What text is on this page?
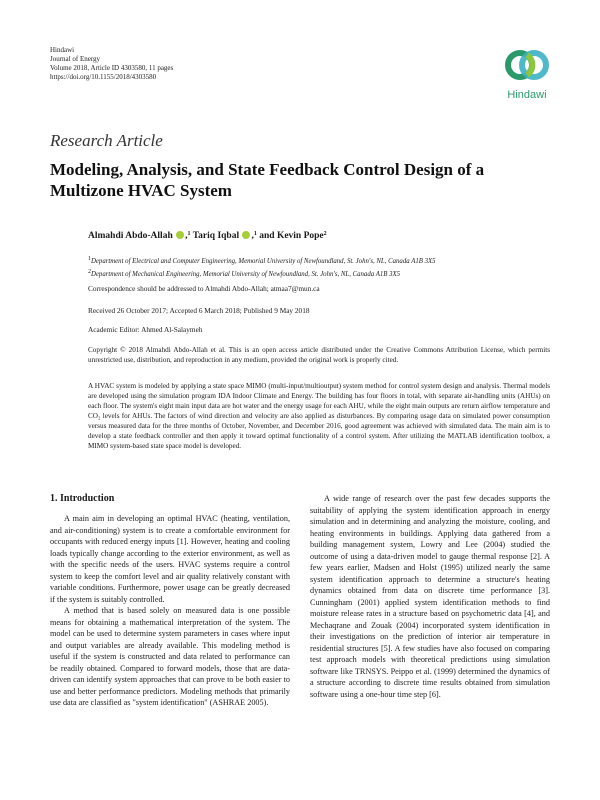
Hindawi
Journal of Energy
Volume 2018, Article ID 4303580, 11 pages
https://doi.org/10.1155/2018/4303580
Hindawi
Research Article
Modeling, Analysis, and State Feedback Control Design of a Multizone HVAC System
Almahdi Abdo-Allah ,$^1$ Tariq Iqbal ,$^1$ and Kevin Pope$^2$
1Department of Electrical and Computer Engineering, Memorial University of Newfoundland, St. John's, NL, Canada A1B 3X5
2Department of Mechanical Engineering, Memorial University of Newfoundland, St. John's, NL, Canada A1B 3X5
Correspondence should be addressed to Almahdi Abdo-Allah; atmaa7@mun.ca
Received 26 October 2017; Accepted 6 March 2018; Published 9 May 2018
Academic Editor: Ahmed Al-Salaymeh
Copyright © 2018 Almahdi Abdo-Allah et al. This is an open access article distributed under the Creative Commons Attribution License, which permits unrestricted use, distribution, and reproduction in any medium, provided the original work is properly cited.
A HVAC system is modeled by applying a state space MIMO (multi-input/multioutput) system method for control system design and analysis. Thermal models are developed using the simulation program IDA Indoor Climate and Energy. The building has four floors in total, with separate air-handling units (AHUs) on each floor. The system's eight main input data are hot water and the energy usage for each AHU, while the eight main outputs are return airflow temperature and CO₂ levels for AHUs. The factors of wind direction and velocity are also applied as disturbances. By comparing usage data on simulated power consumption versus measured data for the three months of October, November, and December 2016, good agreement was achieved with simulated data. The main aim is to develop a state feedback controller and then apply it toward optimal functionality of a control system. After utilizing the MATLAB identification toolbox, a MIMO system-based state space model is developed.
1. Introduction

A main aim in developing an optimal HVAC (heating, ventilation, and air-conditioning) system is to create a comfortable environment for occupants with reduced energy inputs [1]. However, heating and cooling loads typically change according to the exterior environment, as well as with the specific needs of the users. HVAC systems require a control system to keep the comfort level and air quality relatively constant with variable conditions. Furthermore, power usage can be greatly decreased if the system is suitably controlled.

A method that is based solely on measured data is one possible means for obtaining a mathematical interpretation of the system. The model can be used to determine system parameters in cases where input and output variables are already available. This modeling method is useful if the system is constructed and data related to performance can be readily obtained. Compared to forward models, those that are data-driven can identify system approaches that can prove to be both easier to use and better performance predictors. Modeling methods that primarily use data are classified as "system identification" (ASHRAE 2005).

A wide range of research over the past few decades supports the suitability of applying the system identification approach in energy simulation and in determining and analyzing the moisture, cooling, and heating environments in buildings. Applying data gathered from a building management system, Lowry and Lee (2004) studied the outcome of using a data-driven model to gauge thermal response [2]. A few years earlier, Madsen and Holst (1995) utilized nearly the same system identification approach to determine a structure's heating dynamics obtained from data on discrete time performance [3]. Cunningham (2001) applied system identification methods to find moisture release rates in a structure based on psychometric data [4], and Mechaqrane and Zouak (2004) incorporated system identification in their investigations on the prediction of interior air temperature in residential structures [5]. A few studies have also focused on comparing test approach models with theoretical predictions using simulation software like TRNSYS. Peippo et al. (1999) determined the dynamics of a structure according to discrete time results obtained from simulation software using a one-hour time step [6].
